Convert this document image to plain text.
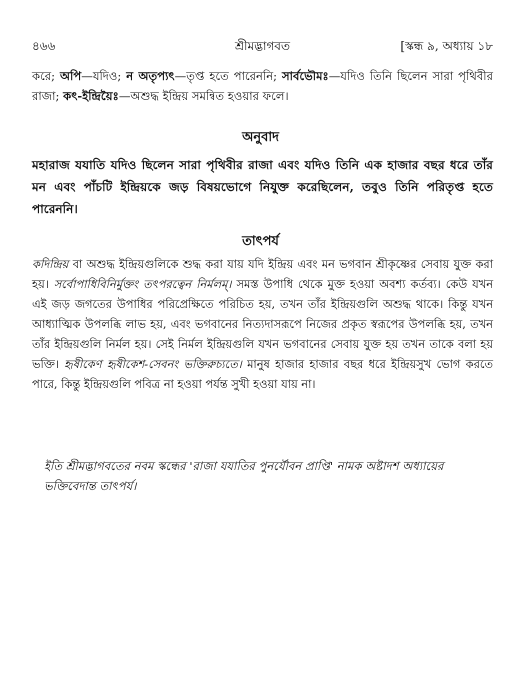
৪৬৬	শ্রীমদ্ভাগবত	[স্কন্ধ ৯, অধ্যায় ১৮
করে; অপি—যদিও; ন অতৃপ্যৎ—তৃপ্ত হতে পারেননি; সার্বভৌমঃ—যদিও তিনি ছিলেন সারা পৃথিবীর রাজা; কৎ-ইন্দ্রিয়ৈঃ—অশুদ্ধ ইন্দ্রিয় সমন্বিত হওয়ার ফলে।
অনুবাদ
মহারাজ যযাতি যদিও ছিলেন সারা পৃথিবীর রাজা এবং যদিও তিনি এক হাজার বছর ধরে তাঁর মন এবং পাঁচটি ইন্দ্রিয়কে জড় বিষয়ভোগে নিযুক্ত করেছিলেন, তবুও তিনি পরিতৃপ্ত হতে পারেননি।
তাৎপর্য
কদিন্দ্রিয় বা অশুদ্ধ ইন্দ্রিয়গুলিকে শুদ্ধ করা যায় যদি ইন্দ্রিয় এবং মন ভগবান শ্রীকৃষ্ণের সেবায় যুক্ত করা হয়। সর্বোপাধিবিনির্মুক্তং তৎপরত্বেন নির্মলম্। সমস্ত উপাধি থেকে মুক্ত হওয়া অবশ্য কর্তব্য। কেউ যখন এই জড় জগতের উপাধির পরিপ্রেক্ষিতে পরিচিত হয়, তখন তাঁর ইন্দ্রিয়গুলি অশুদ্ধ থাকে। কিন্তু যখন আধ্যাত্মিক উপলব্ধি লাভ হয়, এবং ভগবানের নিত্যদাসরূপে নিজের প্রকৃত স্বরূপের উপলব্ধি হয়, তখন তাঁর ইন্দ্রিয়গুলি নির্মল হয়। সেই নির্মল ইন্দ্রিয়গুলি যখন ভগবানের সেবায় যুক্ত হয় তখন তাকে বলা হয় ভক্তি। হৃষীকেণ হৃষীকেশ-সেবনং ভক্তিরুচ্যতে। মানুষ হাজার হাজার বছর ধরে ইন্দ্রিয়সুখ ভোগ করতে পারে, কিন্তু ইন্দ্রিয়গুলি পবিত্র না হওয়া পর্যন্ত সুখী হওয়া যায় না।
ইতি শ্রীমদ্ভাগবতের নবম স্কন্ধের 'রাজা যযাতির পুনর্যৌবন প্রাপ্তি' নামক অষ্টাদশ অধ্যায়ের ভক্তিবেদান্ত তাৎপর্য।
